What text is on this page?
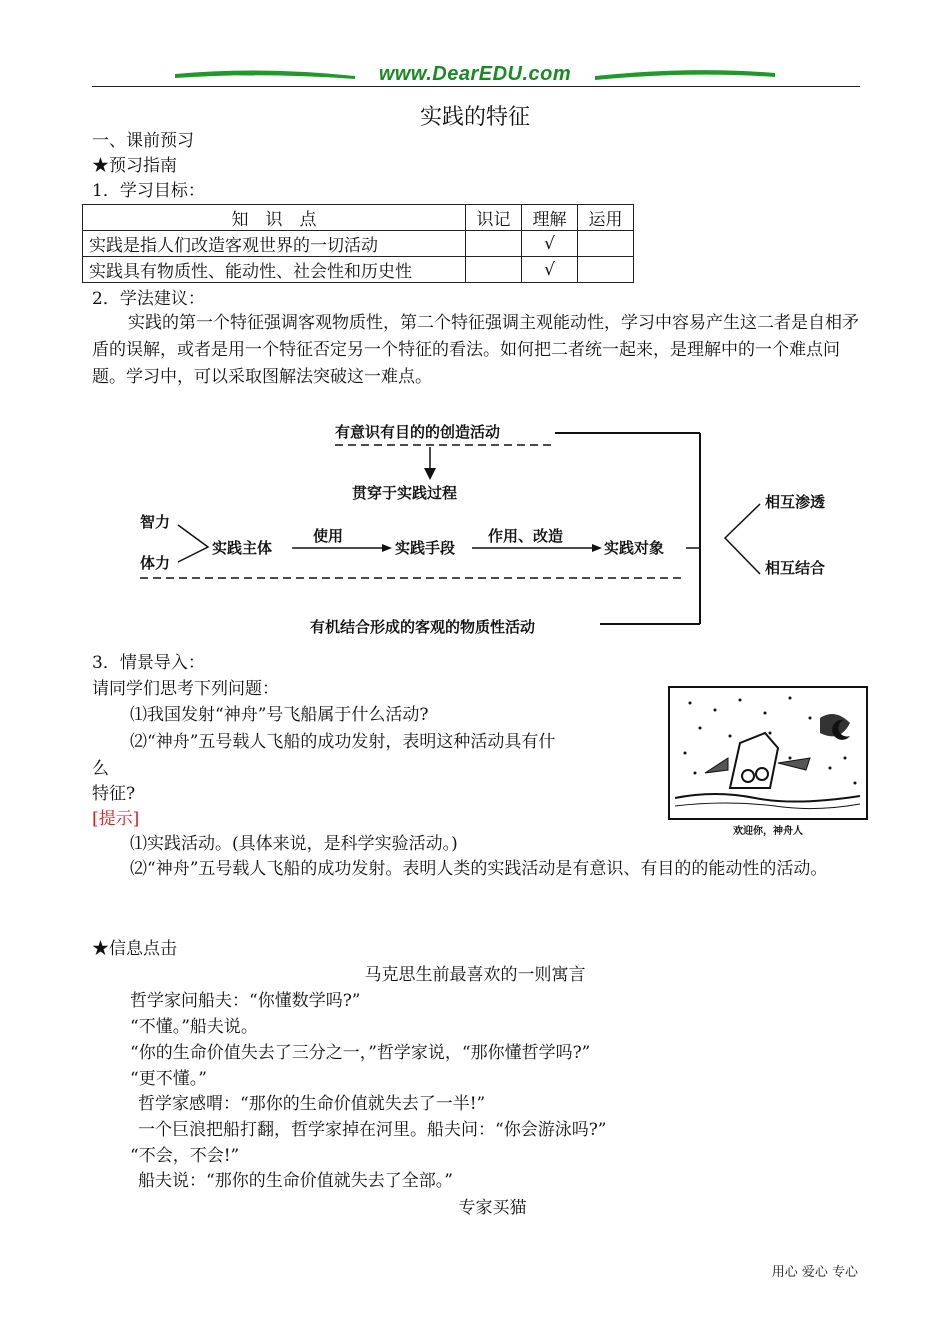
www.DearEDU.com
实践的特征
一、课前预习
★预习指南
1．学习目标：
知　识　点	识记	理解	运用
实践是指人们改造客观世界的一切活动		√	
实践具有物质性、能动性、社会性和历史性		√	
2．学法建议：
实践的第一个特征强调客观物质性，第二个特征强调主观能动性，学习中容易产生这二者是自相矛盾的误解，或者是用一个特征否定另一个特征的看法。如何把二者统一起来，是理解中的一个难点问题。学习中，可以采取图解法突破这一难点。
有意识有目的的创造活动
贯穿于实践过程
智力
体力
实践主体
使用
实践手段
作用、改造
实践对象
有机结合形成的客观的物质性活动
相互渗透
相互结合
3．情景导入：
请同学们思考下列问题：
⑴我国发射“神舟”号飞船属于什么活动?
⑵“神舟”五号载人飞船的成功发射，表明这种活动具有什
么
特征?
[提示]
⑴实践活动。(具体来说，是科学实验活动。)
⑵“神舟”五号载人飞船的成功发射。表明人类的实践活动是有意识、有目的的能动性的活动。
欢迎你，神舟人
★信息点击
马克思生前最喜欢的一则寓言
哲学家问船夫：“你懂数学吗?”
“不懂。”船夫说。
“你的生命价值失去了三分之一，”哲学家说，“那你懂哲学吗?”
“更不懂。”
哲学家感喟：“那你的生命价值就失去了一半!”
一个巨浪把船打翻，哲学家掉在河里。船夫问：“你会游泳吗?”
“不会，不会!”
船夫说：“那你的生命价值就失去了全部。”
专家买猫
用心 爱心 专心
